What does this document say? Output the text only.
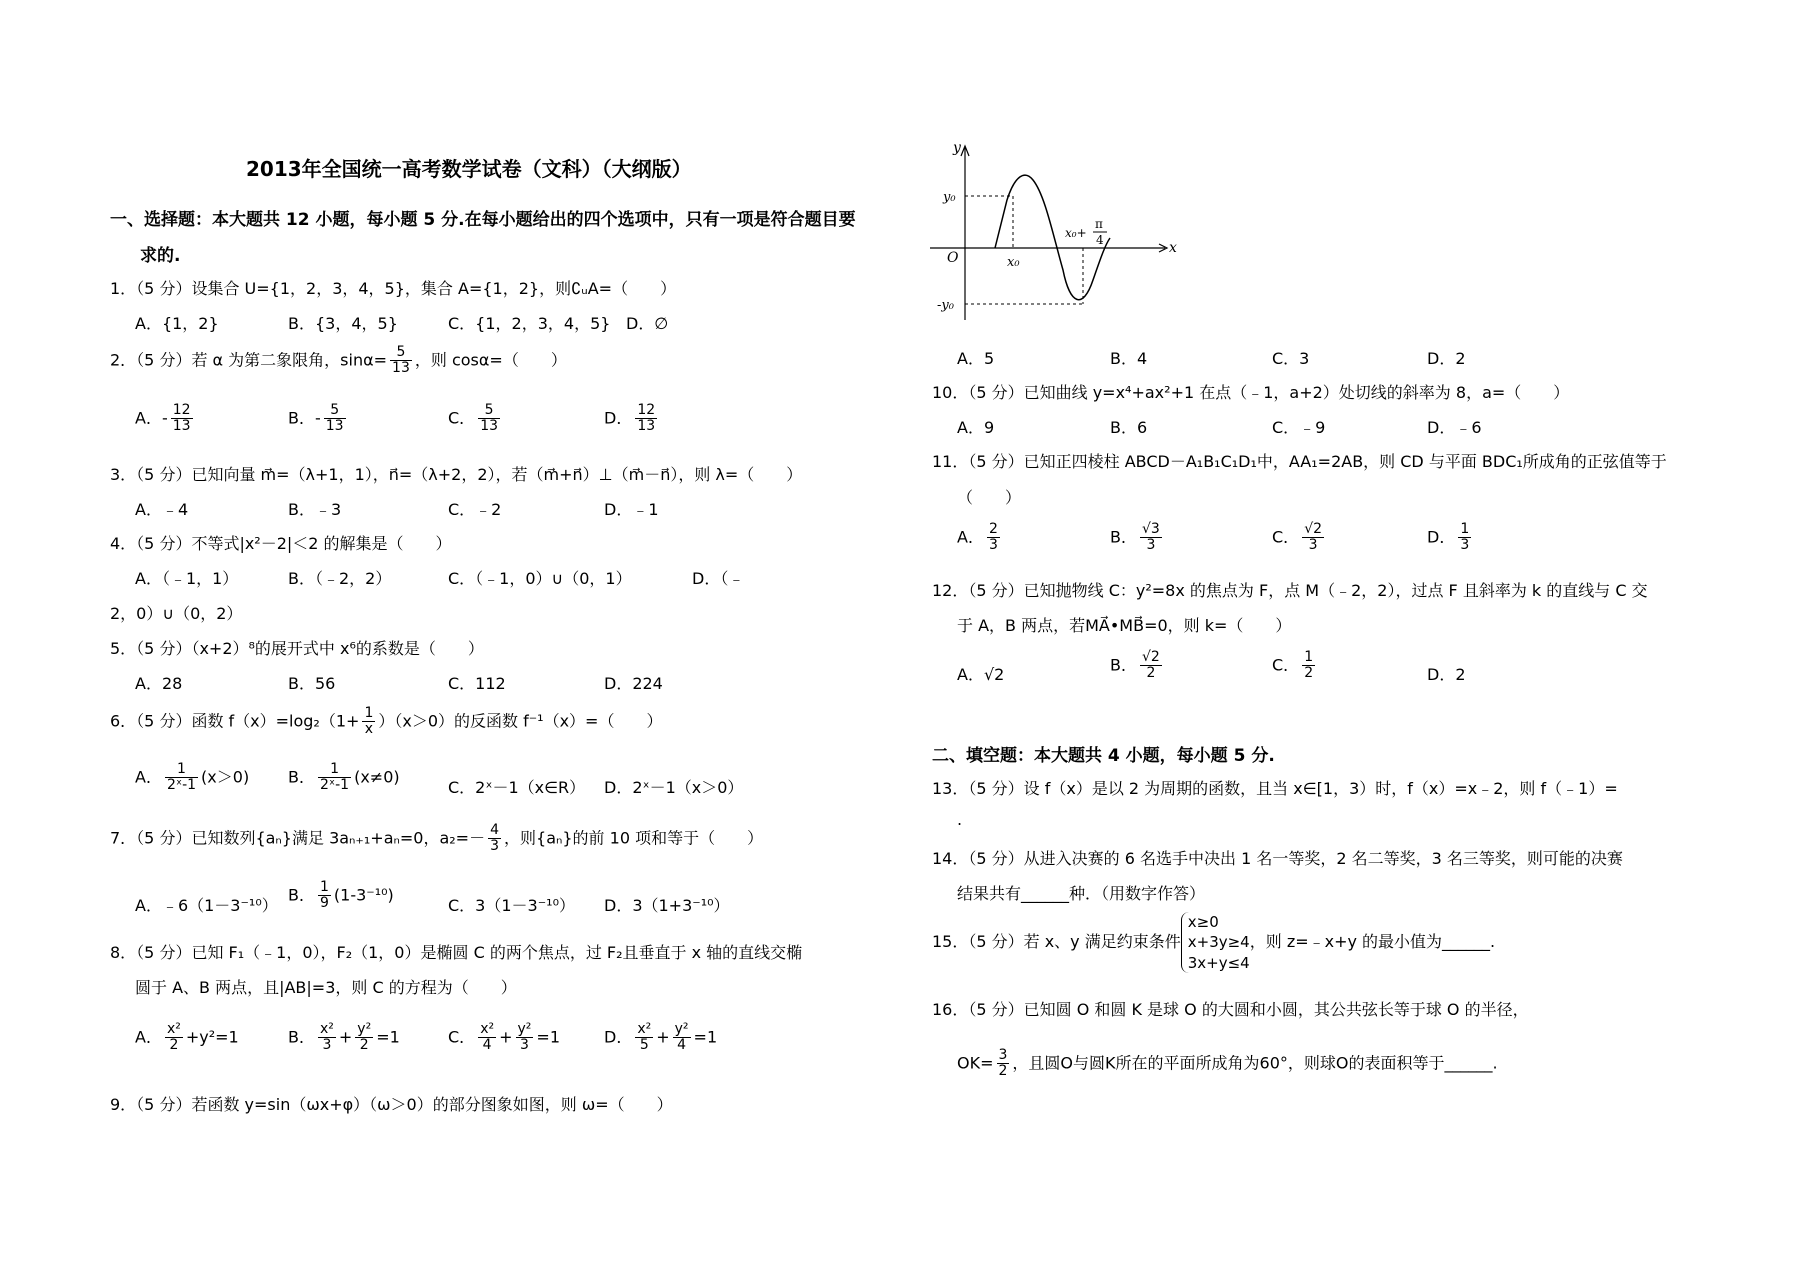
2013年全国统一高考数学试卷（文科）（大纲版）
一、选择题：本大题共 12 小题，每小题 5 分.在每小题给出的四个选项中，只有一项是符合题目要
求的.
1．（5 分）设集合 U={1，2，3，4，5}，集合 A={1，2}，则∁ᵤA=（　　）
A．{1，2}	B．{3，4，5}	C．{1，2，3，4，5} D．∅
2．（5 分）若 α 为第二象限角，$\sin\alpha= \frac{5}{13}$ ，则 cosα=（　　）
A．- $\frac{12}{13}$	B．- $\frac{5}{13}$	C． $\frac{5}{13}$	D． $\frac{12}{13}$
3．（5 分）已知向量 m⃗=（λ+1，1），n⃗=（λ+2，2），若（m⃗+n⃗）⊥（m⃗－n⃗），则 λ=（　　）
A．﹣4	B．﹣3	C．﹣2	D．﹣1
4．（5 分）不等式|x²－2|＜2 的解集是（　　）
A．（﹣1，1）	B．（﹣2，2）	C．（﹣1，0）∪（0，1）	D．（﹣
2，0）∪（0，2）
5．（5 分）（x+2）⁸的展开式中 x⁶的系数是（　　）
A．28	B．56	C．112	D．224
6．（5 分）函数 $f(x)=\log_2(1+ \frac{1}{x} )(x>0)$的反函数 f⁻¹（x）=（　　）
A． $\frac{1}{\text{2ˣ-1}} (x>0)$ B． $\frac{1}{\text{2ˣ-1}} (x\ne 0)$
C．2ˣ－1（x∈R） D．2ˣ－1（x＞0）
7．（5 分）已知数列{aₙ}满足 3aₙ₊₁+aₙ=0，$a_2=- \frac{4}{3}$ ，则{aₙ}的前 10 项和等于（　　）
A．﹣6（1－3⁻¹⁰）
B． $\frac{1}{9} (1-3^{-10})$
C．3（1－3⁻¹⁰） D．3（1+3⁻¹⁰）
8．（5 分）已知 F₁（﹣1，0），F₂（1，0）是椭圆 C 的两个焦点，过 F₂且垂直于 x 轴的直线交椭
圆于 A、B 两点，且|AB|=3，则 C 的方程为（　　）
A． $\frac{\text{x²}}{2} +y^2=1$	B． $\frac{\text{x²}}{3} + \frac{\text{y²}}{2} =1$	C． $\frac{\text{x²}}{4} + \frac{\text{y²}}{3} =1$	D． $\frac{\text{x²}}{5} + \frac{\text{y²}}{4} =1$
9．（5 分）若函数 y=sin（ωx+φ）（ω＞0）的部分图象如图，则 ω=（　　）
y
x
O
y₀
-y₀
x₀
x₀+
π
4
A．5	B．4	C．3	D．2
10．（5 分）已知曲线 y=x⁴+ax²+1 在点（﹣1，a+2）处切线的斜率为 8，a=（　　）
A．9	B．6	C．﹣9	D．﹣6
11．（5 分）已知正四棱柱 ABCD－A₁B₁C₁D₁中，AA₁=2AB，则 CD 与平面 BDC₁所成角的正弦值等于
（　　）
A． $\frac{2}{3}$	B． $\frac{√3}{3}$	C． $\frac{√2}{3}$	D． $\frac{1}{3}$
12．（5 分）已知抛物线 C：y²=8x 的焦点为 F，点 M（﹣2，2），过点 F 且斜率为 k 的直线与 C 交
于 A，B 两点，若MA⃗•MB⃗=0，则 k=（　　）
A．√2
B． $\frac{√2}{2}$	C． $\frac{1}{2}$	D．2
二、填空题：本大题共 4 小题，每小题 5 分.
13．（5 分）设 f（x）是以 2 为周期的函数，且当 x∈[1，3）时，f（x）=x﹣2，则 f（﹣1）=
.
14．（5 分）从进入决赛的 6 名选手中决出 1 名一等奖，2 名二等奖，3 名三等奖，则可能的决赛
结果共有______种．（用数字作答）
15．（5 分）若 x、y 满足约束条件
x≥0
x+3y≥4
3x+y≤4
，则 z=﹣x+y 的最小值为______.
16．（5 分）已知圆 O 和圆 K 是球 O 的大圆和小圆，其公共弦长等于球 O 的半径，
$OK= \frac{3}{2}$ ，且圆O与圆K所在的平面所成角为60°，则球O的表面积等于______.
